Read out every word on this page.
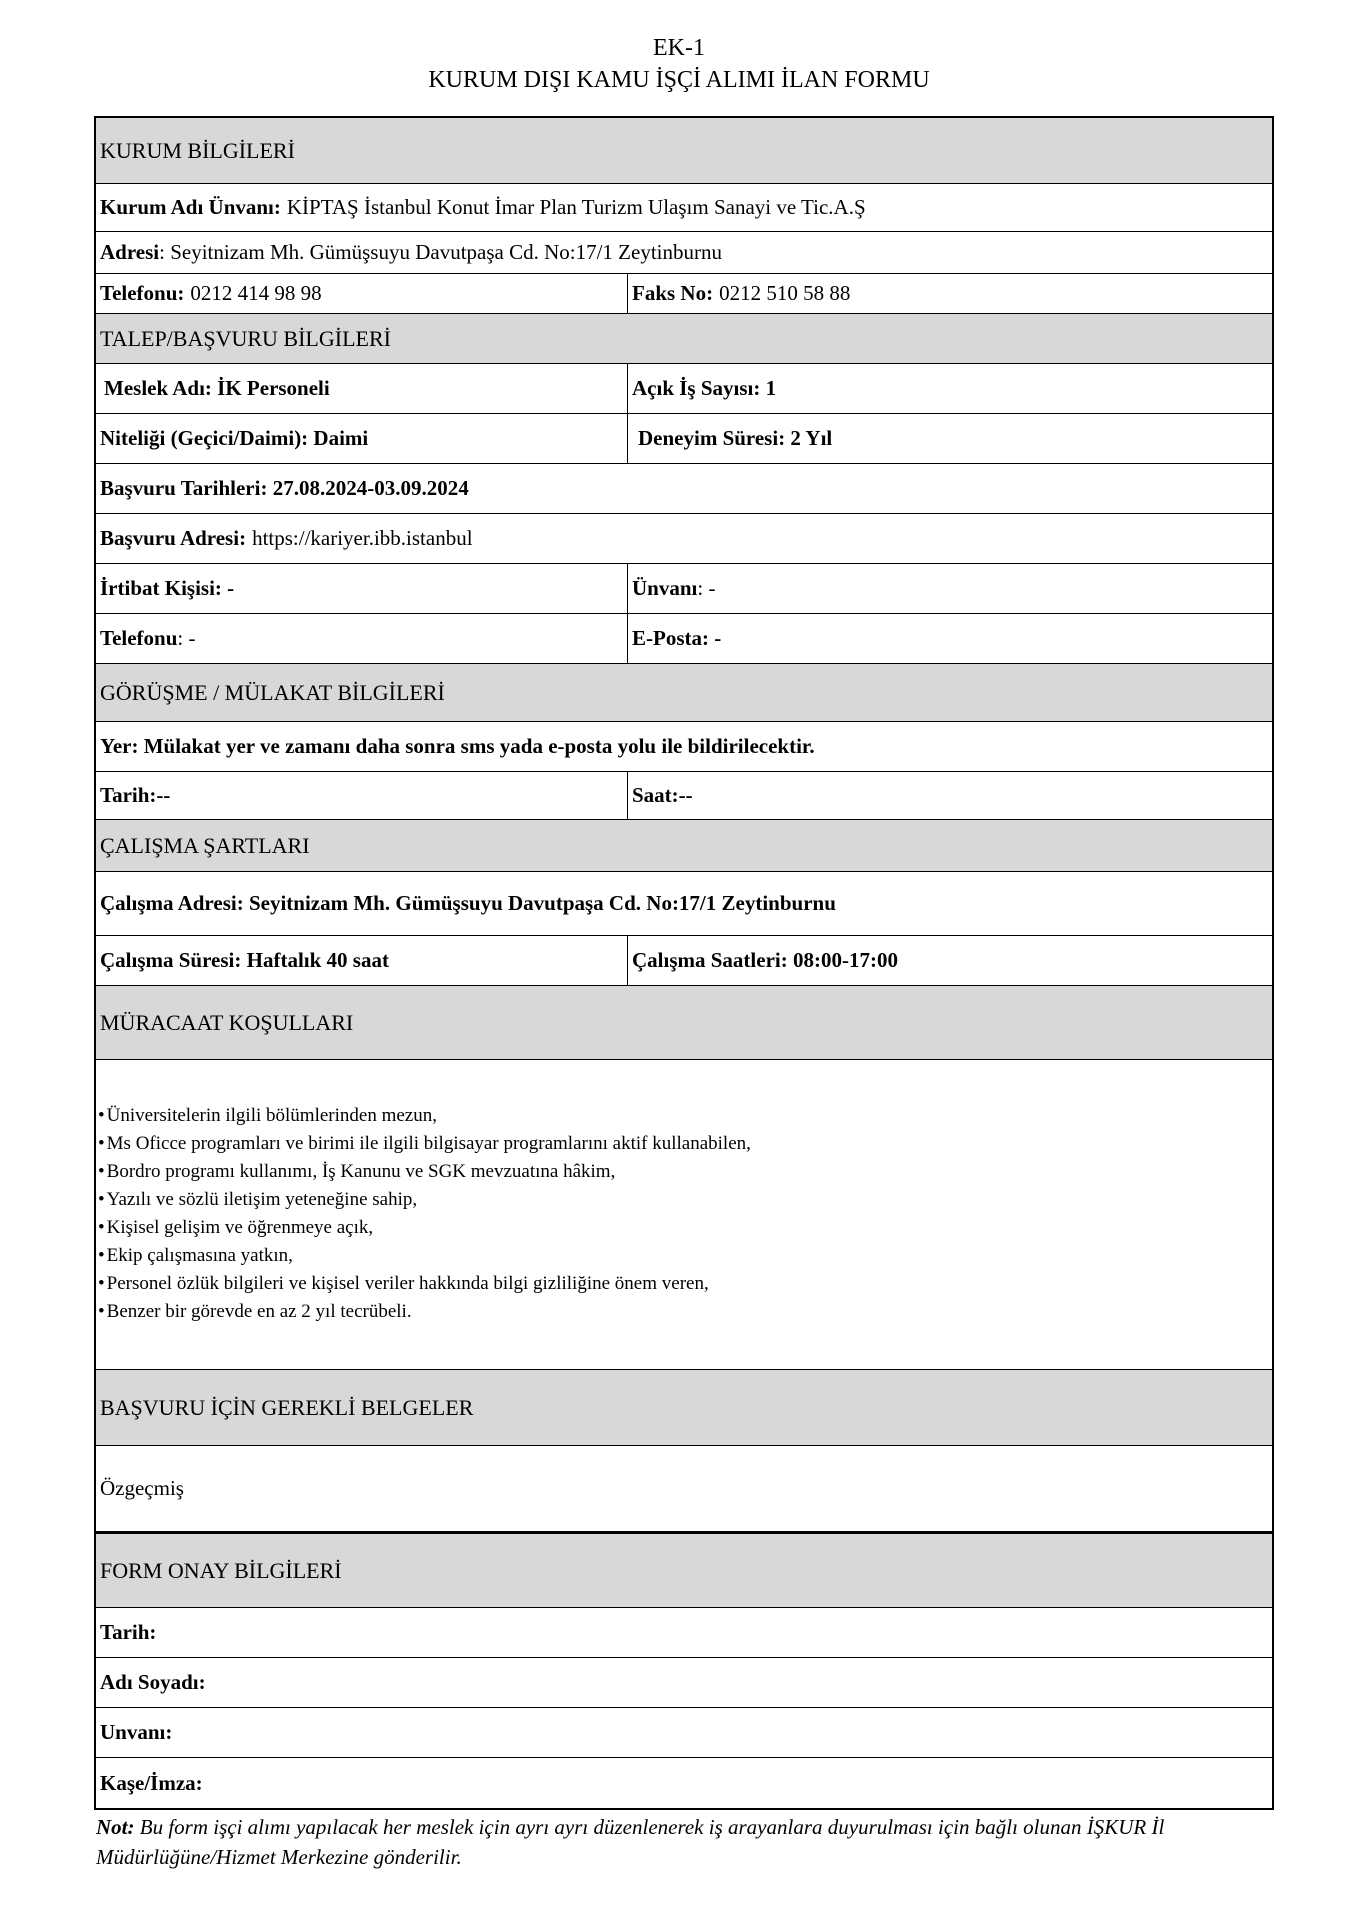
EK-1
KURUM DIŞI KAMU İŞÇİ ALIMI İLAN FORMU
KURUM BİLGİLERİ
Kurum Adı Ünvanı: KİPTAŞ İstanbul Konut İmar Plan Turizm Ulaşım Sanayi ve Tic.A.Ş
Adresi : Seyitnizam Mh. Gümüşsuyu Davutpaşa Cd. No:17/1 Zeytinburnu
Telefonu: 0212 414 98 98	Faks No: 0212 510 58 88
TALEP/BAŞVURU BİLGİLERİ
Meslek Adı: İK Personeli	Açık İş Sayısı: 1
Niteliği (Geçici/Daimi): Daimi	Deneyim Süresi: 2 Yıl
Başvuru Tarihleri: 27.08.2024-03.09.2024
Başvuru Adresi: https://kariyer.ibb.istanbul
İrtibat Kişisi: -	Ünvanı : -
Telefonu : -	E-Posta: -
GÖRÜŞME / MÜLAKAT BİLGİLERİ
Yer: Mülakat yer ve zamanı daha sonra sms yada e-posta yolu ile bildirilecektir.
Tarih:--	Saat:--
ÇALIŞMA ŞARTLARI
Çalışma Adresi: Seyitnizam Mh. Gümüşsuyu Davutpaşa Cd. No:17/1 Zeytinburnu
Çalışma Süresi: Haftalık 40 saat	Çalışma Saatleri: 08:00-17:00
MÜRACAAT KOŞULLARI
• Üniversitelerin ilgili bölümlerinden mezun,
• Ms Oficce programları ve birimi ile ilgili bilgisayar programlarını aktif kullanabilen,
• Bordro programı kullanımı, İş Kanunu ve SGK mevzuatına hâkim,
• Yazılı ve sözlü iletişim yeteneğine sahip,
• Kişisel gelişim ve öğrenmeye açık,
• Ekip çalışmasına yatkın,
• Personel özlük bilgileri ve kişisel veriler hakkında bilgi gizliliğine önem veren,
• Benzer bir görevde en az 2 yıl tecrübeli.
BAŞVURU İÇİN GEREKLİ BELGELER
Özgeçmiş
FORM ONAY BİLGİLERİ
Tarih:
Adı Soyadı:
Unvanı:
Kaşe/İmza:
Not: Bu form işçi alımı yapılacak her meslek için ayrı ayrı düzenlenerek iş arayanlara duyurulması için bağlı olunan İŞKUR İl Müdürlüğüne/Hizmet Merkezine gönderilir.
